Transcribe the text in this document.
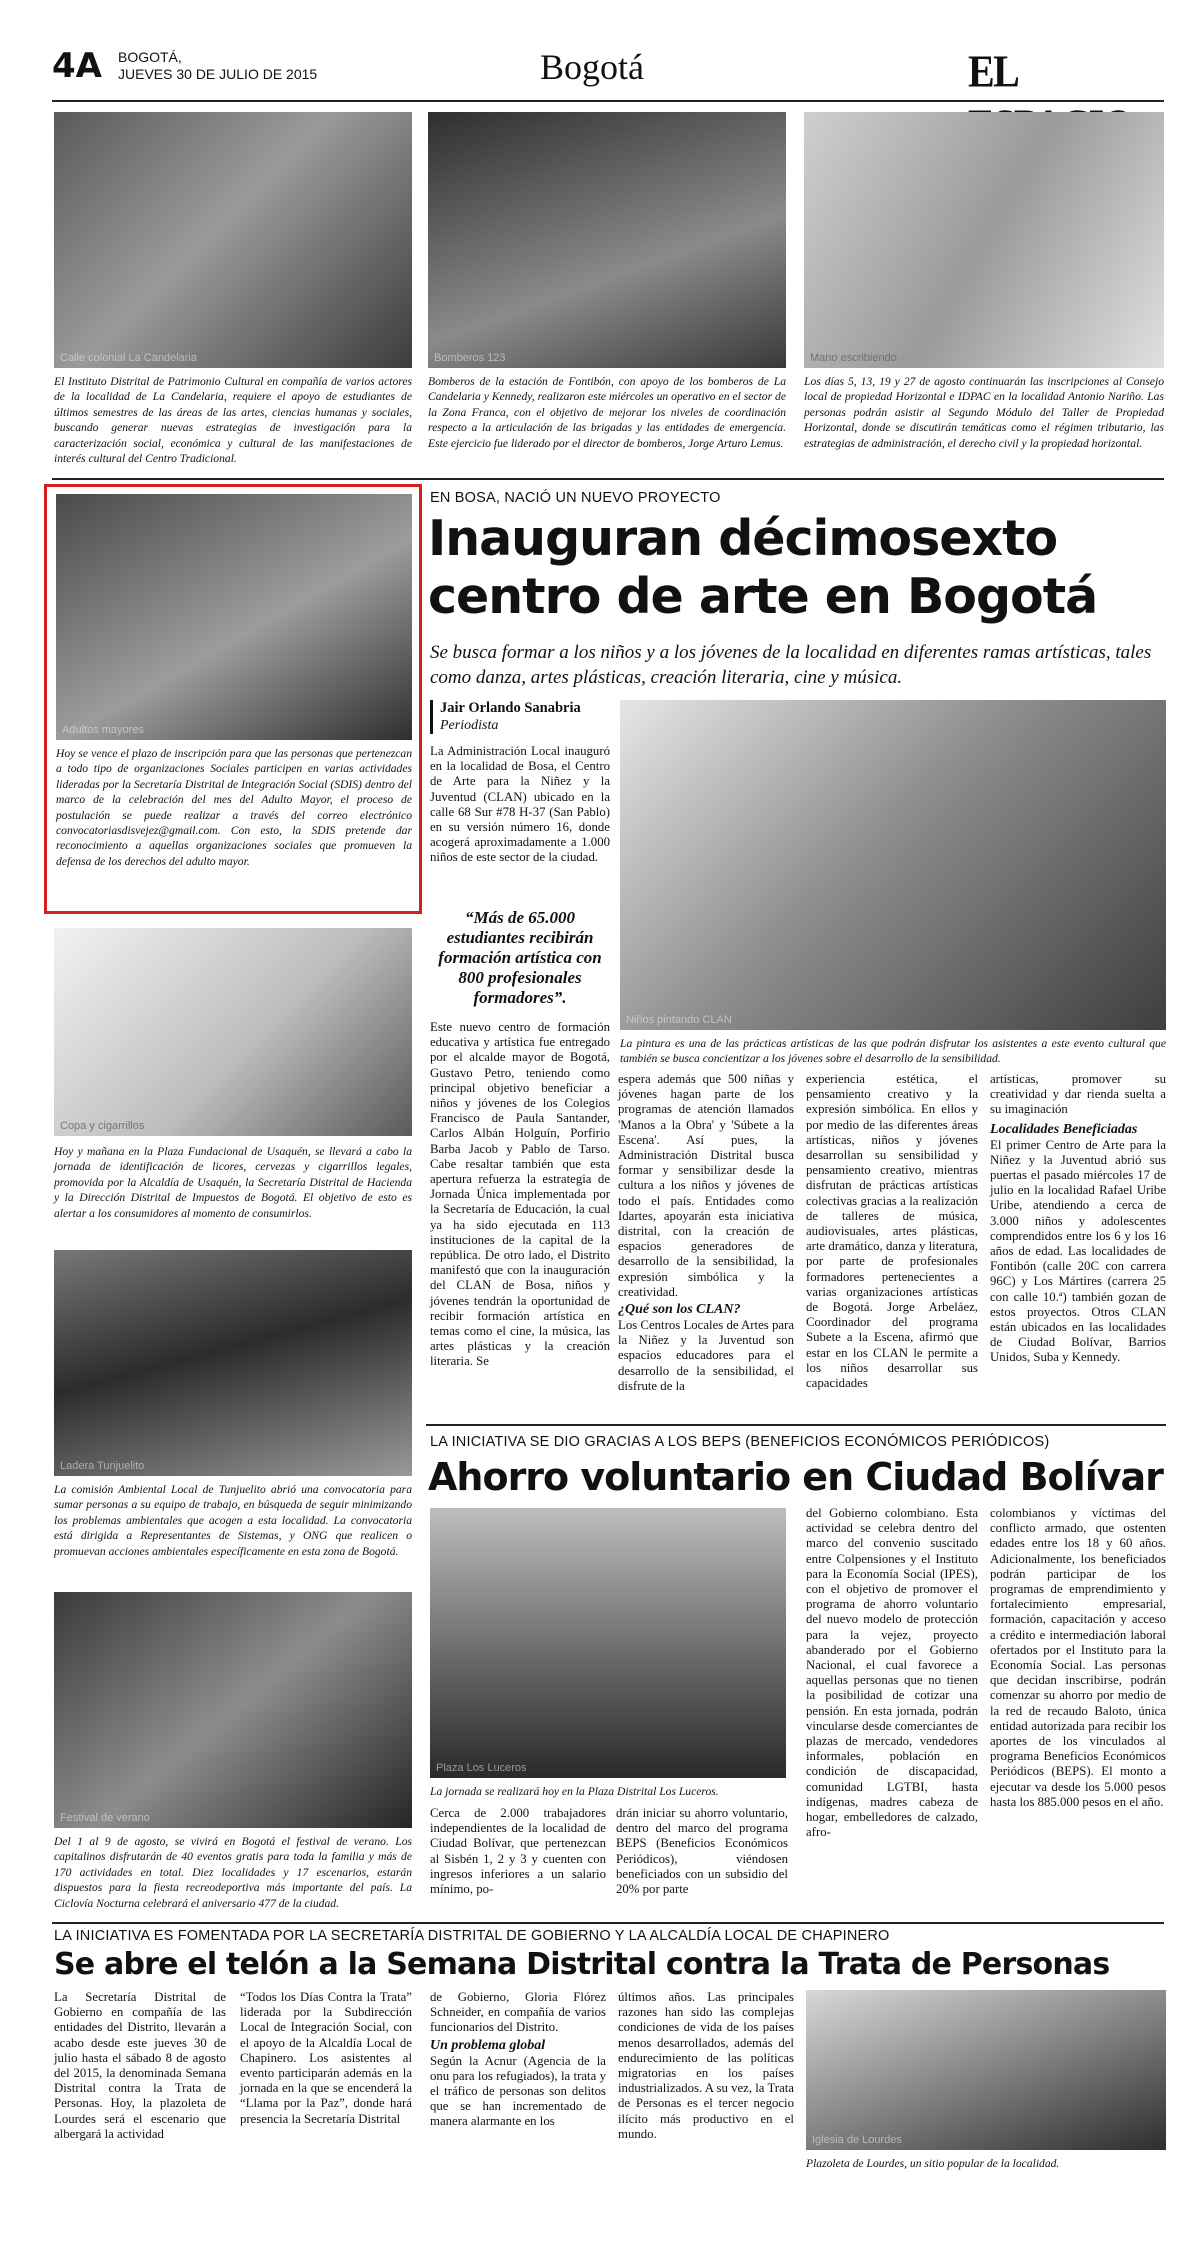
4A BOGOTÁ,
JUEVES 30 DE JULIO DE 2015	Bogotá	EL
Calle colonial La Candelaria	Bomberos 123	Mano escribiendo
El Instituto Distrital de Patrimonio Cultural en compañía de varios actores de la localidad de La Candelaria, requiere el apoyo de estudiantes de últimos semestres de las áreas de las artes, ciencias humanas y sociales, buscando generar nuevas estrategias de investigación para la caracterización social, económica y cultural de las manifestaciones de interés cultural del Centro Tradicional.
Bomberos de la estación de Fontibón, con apoyo de los bomberos de La Candelaria y Kennedy, realizaron este miércoles un operativo en el sector de la Zona Franca, con el objetivo de mejorar los niveles de coordinación respecto a la articulación de las brigadas y las entidades de emergencia. Este ejercicio fue liderado por el director de bomberos, Jorge Arturo Lemus.
Los días 5, 13, 19 y 27 de agosto continuarán las inscripciones al Consejo local de propiedad Horizontal e IDPAC en la localidad Antonio Nariño. Las personas podrán asistir al Segundo Módulo del Taller de Propiedad Horizontal, donde se discutirán temáticas como el régimen tributario, las estrategias de administración, el derecho civil y la propiedad horizontal.
Adultos mayores
Hoy se vence el plazo de inscripción para que las personas que pertenezcan a todo tipo de organizaciones Sociales participen en varias actividades lideradas por la Secretaría Distrital de Integración Social (SDIS) dentro del marco de la celebración del mes del Adulto Mayor, el proceso de postulación se puede realizar a través del correo electrónico convocatoriasdisvejez@gmail.com. Con esto, la SDIS pretende dar reconocimiento a aquellas organizaciones sociales que promueven la defensa de los derechos del adulto mayor.
Copa y cigarrillos
Hoy y mañana en la Plaza Fundacional de Usaquén, se llevará a cabo la jornada de identificación de licores, cervezas y cigarrillos legales, promovida por la Alcaldía de Usaquén, la Secretaría Distrital de Hacienda y la Dirección Distrital de Impuestos de Bogotá. El objetivo de esto es alertar a los consumidores al momento de consumirlos.
Ladera Tunjuelito
La comisión Ambiental Local de Tunjuelito abrió una convocatoria para sumar personas a su equipo de trabajo, en búsqueda de seguir minimizando los problemas ambientales que acogen a esta localidad. La convocatoria está dirigida a Representantes de Sistemas, y ONG que realicen o promuevan acciones ambientales específicamente en esta zona de Bogotá.
Festival de verano
Del 1 al 9 de agosto, se vivirá en Bogotá el festival de verano. Los capitalinos disfrutarán de 40 eventos gratis para toda la familia y más de 170 actividades en total. Diez localidades y 17 escenarios, estarán dispuestos para la fiesta recreodeportiva más importante del país. La Ciclovía Nocturna celebrará el aniversario 477 de la ciudad.
EN BOSA, NACIÓ UN NUEVO PROYECTO
Inauguran décimosexto
centro de arte en Bogotá
Se busca formar a los niños y a los jóvenes de la localidad en diferentes ramas artísticas, tales como danza, artes plásticas, creación literaria, cine y música.
Jair Orlando Sanabria
Periodista

La Administración Local inauguró en la localidad de Bosa, el Centro de Arte para la Niñez y la Juventud (CLAN) ubicado en la calle 68 Sur #78 H-37 (San Pablo) en su versión número 16, donde acogerá aproximadamente a 1.000 niños de este sector de la ciudad.

“Más de 65.000 estudiantes recibirán formación artística con 800 profesionales formadores”.
Niños pintando CLAN
La pintura es una de las prácticas artísticas de las que podrán disfrutar los asistentes a este evento cultural que también se busca concientizar a los jóvenes sobre el desarrollo de la sensibilidad.

Este nuevo centro de formación educativa y artística fue entregado por el alcalde mayor de Bogotá, Gustavo Petro, teniendo como principal objetivo beneficiar a niños y jóvenes de los Colegios Francisco de Paula Santander, Carlos Albán Holguín, Porfirio Barba Jacob y Pablo de Tarso. Cabe resaltar también que esta apertura refuerza la estrategia de Jornada Única implementada por la Secretaría de Educación, la cual ya ha sido ejecutada en 113 instituciones de la capital de la república. De otro lado, el Distrito manifestó que con la inauguración del CLAN de Bosa, niños y jóvenes tendrán la oportunidad de recibir formación artística en temas como el cine, la música, las artes plásticas y la creación literaria. Se

espera además que 500 niñas y jóvenes hagan parte de los programas de atención llamados 'Manos a la Obra' y 'Súbete a la Escena'. Así pues, la Administración Distrital busca formar y sensibilizar desde la cultura a los niños y jóvenes de todo el país. Entidades como Idartes, apoyarán esta iniciativa distrital, con la creación de espacios generadores de desarrollo de la sensibilidad, la expresión simbólica y la creatividad.

¿Qué son los CLAN?

Los Centros Locales de Artes para la Niñez y la Juventud son espacios educadores para el desarrollo de la sensibilidad, el disfrute de la

experiencia estética, el pensamiento creativo y la expresión simbólica. En ellos y por medio de las diferentes áreas artísticas, niños y jóvenes desarrollan su sensibilidad y pensamiento creativo, mientras disfrutan de prácticas artísticas colectivas gracias a la realización de talleres de música, audiovisuales, artes plásticas, arte dramático, danza y literatura, por parte de profesionales formadores pertenecientes a varias organizaciones artísticas de Bogotá. Jorge Arbeláez, Coordinador del programa Subete a la Escena, afirmó que estar en los CLAN le permite a los niños desarrollar sus capacidades

artísticas, promover su creatividad y dar rienda suelta a su imaginación

Localidades Beneficiadas

El primer Centro de Arte para la Niñez y la Juventud abrió sus puertas el pasado miércoles 17 de julio en la localidad Rafael Uribe Uribe, atendiendo a cerca de 3.000 niños y adolescentes comprendidos entre los 6 y los 16 años de edad. Las localidades de Fontibón (calle 20C con carrera 96C) y Los Mártires (carrera 25 con calle 10.ª) también gozan de estos proyectos. Otros CLAN están ubicados en las localidades de Ciudad Bolívar, Barrios Unidos, Suba y Kennedy.

LA INICIATIVA SE DIO GRACIAS A LOS BEPS (BENEFICIOS ECONÓMICOS PERIÓDICOS)
Ahorro voluntario en Ciudad Bolívar
Plaza Los Luceros
La jornada se realizará hoy en la Plaza Distrital Los Luceros.

Cerca de 2.000 trabajadores independientes de la localidad de Ciudad Bolívar, que pertenezcan al Sisbén 1, 2 y 3 y cuenten con ingresos inferiores a un salario mínimo, po-

drán iniciar su ahorro voluntario, dentro del marco del programa BEPS (Beneficios Económicos Periódicos), viéndosen beneficiados con un subsidio del 20% por parte

del Gobierno colombiano. Esta actividad se celebra dentro del marco del convenio suscitado entre Colpensiones y el Instituto para la Economía Social (IPES), con el objetivo de promover el programa de ahorro voluntario del nuevo modelo de protección para la vejez, proyecto abanderado por el Gobierno Nacional, el cual favorece a aquellas personas que no tienen la posibilidad de cotizar una pensión. En esta jornada, podrán vincularse desde comerciantes de plazas de mercado, vendedores informales, población en condición de discapacidad, comunidad LGTBI, hasta indígenas, madres cabeza de hogar, embelledores de calzado, afro-

colombianos y víctimas del conflicto armado, que ostenten edades entre los 18 y 60 años. Adicionalmente, los beneficiados podrán participar de los programas de emprendimiento y fortalecimiento empresarial, formación, capacitación y acceso a crédito e intermediación laboral ofertados por el Instituto para la Economía Social. Las personas que decidan inscribirse, podrán comenzar su ahorro por medio de la red de recaudo Baloto, única entidad autorizada para recibir los aportes de los vinculados al programa Beneficios Económicos Periódicos (BEPS). El monto a ejecutar va desde los 5.000 pesos hasta los 885.000 pesos en el año.

LA INICIATIVA ES FOMENTADA POR LA SECRETARÍA DISTRITAL DE GOBIERNO Y LA ALCALDÍA LOCAL DE CHAPINERO
Se abre el telón a la Semana Distrital contra la Trata de Personas

La Secretaría Distrital de Gobierno en compañía de las entidades del Distrito, llevarán a acabo desde este jueves 30 de julio hasta el sábado 8 de agosto del 2015, la denominada Semana Distrital contra la Trata de Personas. Hoy, la plazoleta de Lourdes será el escenario que albergará la actividad

“Todos los Días Contra la Trata” liderada por la Subdirección Local de Integración Social, con el apoyo de la Alcaldía Local de Chapinero. Los asistentes al evento participarán además en la jornada en la que se encenderá la “Llama por la Paz”, donde hará presencia la Secretaría Distrital

de Gobierno, Gloria Flórez Schneider, en compañía de varios funcionarios del Distrito.

Un problema global

Según la Acnur (Agencia de la onu para los refugiados), la trata y el tráfico de personas son delitos que se han incrementado de manera alarmante en los

últimos años. Las principales razones han sido las complejas condiciones de vida de los países menos desarrollados, además del endurecimiento de las políticas migratorias en los países industrializados. A su vez, la Trata de Personas es el tercer negocio ilícito más productivo en el mundo.	Iglesia de Lourdes
Plazoleta de Lourdes, un sitio popular de la localidad.
